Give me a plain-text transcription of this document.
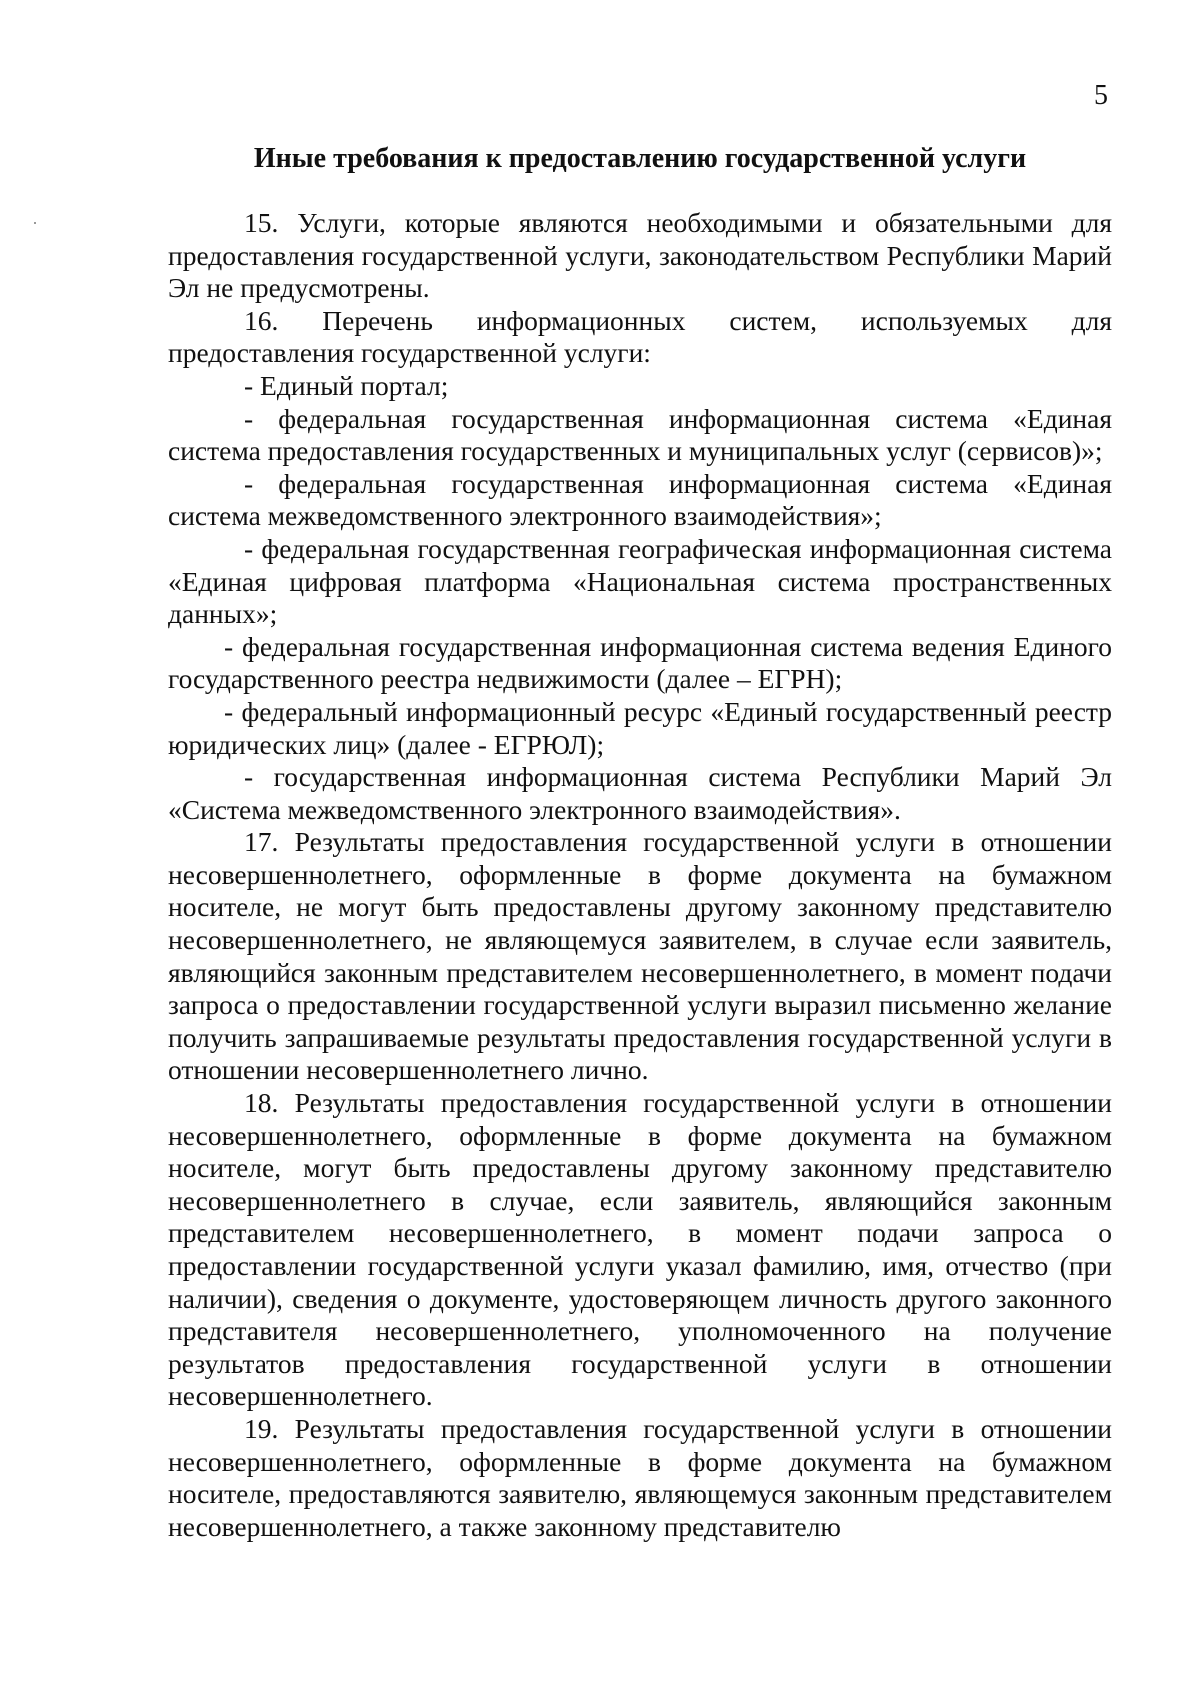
5
Иные требования к предоставлению государственной услуги

15. Услуги, которые являются необходимыми и обязательными для предоставления государственной услуги, законодательством Республики Марий Эл не предусмотрены.

16. Перечень информационных систем, используемых для предоставления государственной услуги:

- Единый портал;

- федеральная государственная информационная система «Единая система предоставления государственных и муниципальных услуг (сервисов)»;

- федеральная государственная информационная система «Единая система межведомственного электронного взаимодействия»;

- федеральная государственная географическая информационная система «Единая цифровая платформа «Национальная система пространственных данных»;

- федеральная государственная информационная система ведения Единого государственного реестра недвижимости (далее – ЕГРН);

- федеральный информационный ресурс «Единый государственный реестр юридических лиц» (далее - ЕГРЮЛ);

- государственная информационная система Республики Марий Эл «Система межведомственного электронного взаимодействия».

17. Результаты предоставления государственной услуги в отношении несовершеннолетнего, оформленные в форме документа на бумажном носителе, не могут быть предоставлены другому законному представителю несовершеннолетнего, не являющемуся заявителем, в случае если заявитель, являющийся законным представителем несовершеннолетнего, в момент подачи запроса о предоставлении государственной услуги выразил письменно желание получить запрашиваемые результаты предоставления государственной услуги в отношении несовершеннолетнего лично.

18. Результаты предоставления государственной услуги в отношении несовершеннолетнего, оформленные в форме документа на бумажном носителе, могут быть предоставлены другому законному представителю несовершеннолетнего в случае, если заявитель, являющийся законным представителем несовершеннолетнего, в момент подачи запроса о предоставлении государственной услуги указал фамилию, имя, отчество (при наличии), сведения о документе, удостоверяющем личность другого законного представителя несовершеннолетнего, уполномоченного на получение результатов предоставления государственной услуги в отношении несовершеннолетнего.

19. Результаты предоставления государственной услуги в отношении несовершеннолетнего, оформленные в форме документа на бумажном носителе, предоставляются заявителю, являющемуся законным представителем несовершеннолетнего, а также законному представителю
